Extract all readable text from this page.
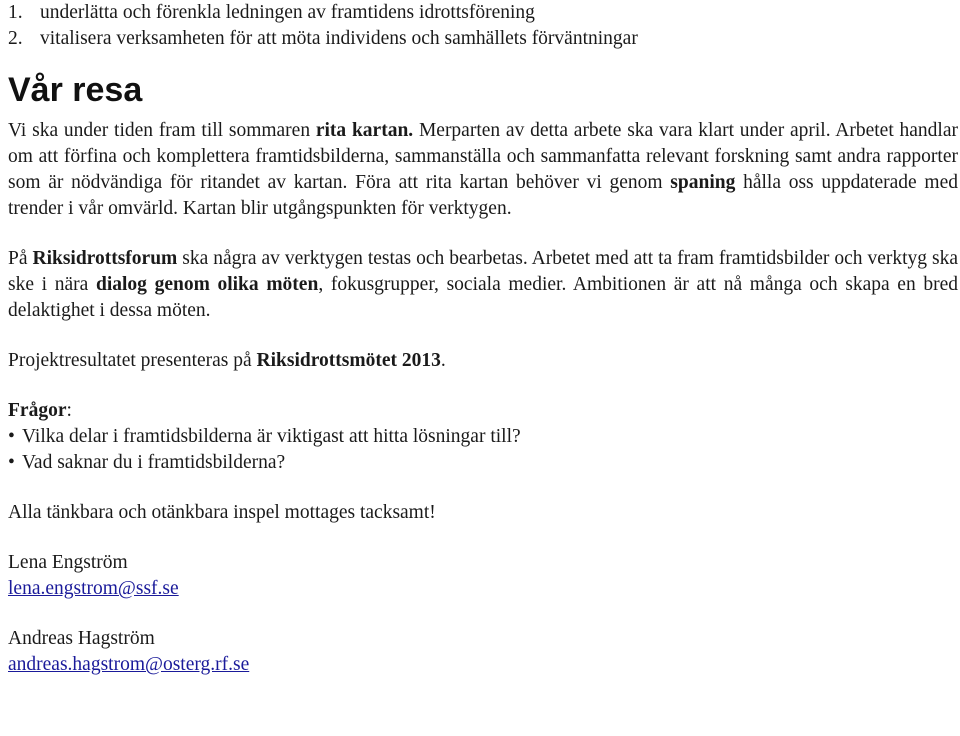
1. underlätta och förenkla ledningen av framtidens idrottsförening
2. vitalisera verksamheten för att möta individens och samhällets förväntningar
Vår resa

Vi ska under tiden fram till sommaren rita kartan. Merparten av detta arbete ska vara klart under april. Arbetet handlar om att förfina och komplettera framtidsbilderna, sammanställa och sammanfatta relevant forskning samt andra rapporter som är nödvändiga för ritandet av kartan. Föra att rita kartan behöver vi genom spaning hålla oss uppdaterade med trender i vår omvärld. Kartan blir utgångspunkten för verktygen.

På Riksidrottsforum ska några av verktygen testas och bearbetas. Arbetet med att ta fram framtidsbilder och verktyg ska ske i nära dialog genom olika möten, fokusgrupper, sociala medier. Ambitionen är att nå många och skapa en bred delaktighet i dessa möten.

Projektresultatet presenteras på Riksidrottsmötet 2013.

Frågor:

• Vilka delar i framtidsbilderna är viktigast att hitta lösningar till?
• Vad saknar du i framtidsbilderna?

Alla tänkbara och otänkbara inspel mottages tacksamt!

Lena Engström

lena.engstrom@ssf.se

Andreas Hagström

andreas.hagstrom@osterg.rf.se
